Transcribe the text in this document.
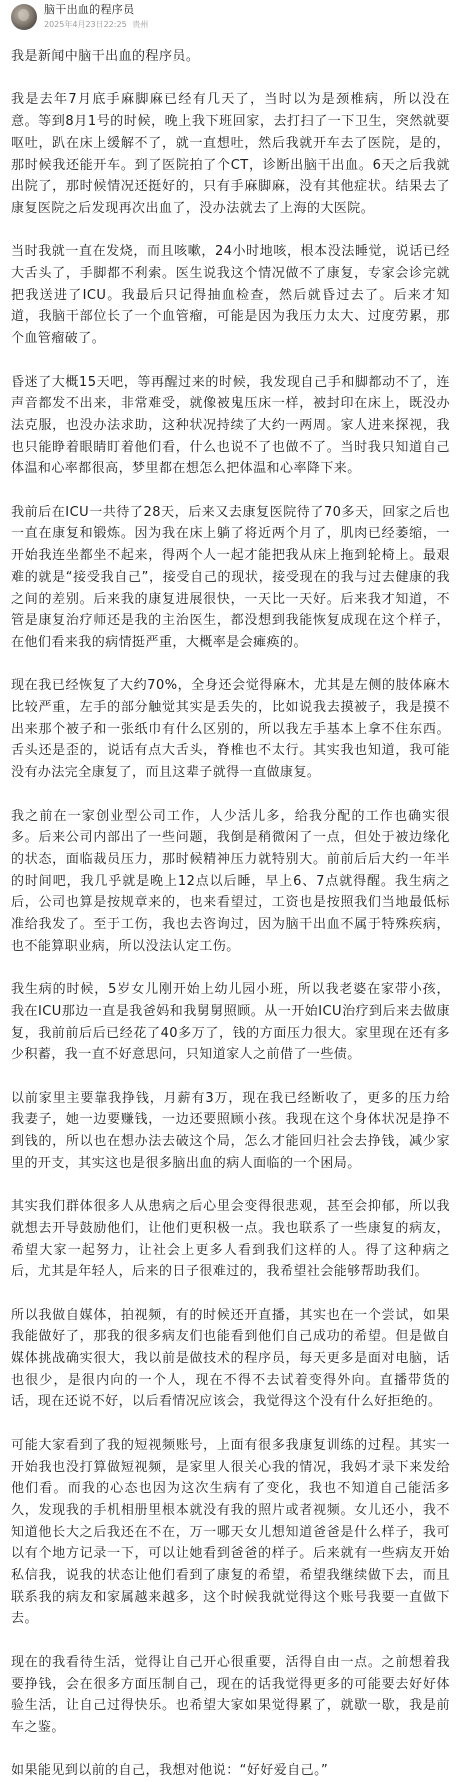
脑干出血的程序员
2025年4月23日22:25 贵州

我是新闻中脑干出血的程序员。

我是去年7月底手麻脚麻已经有几天了，当时以为是颈椎病，所以没在意。等到8月1号的时候，晚上我下班回家，去打扫了一下卫生，突然就要呕吐，趴在床上缓解不了，就一直想吐，然后我就开车去了医院，是的，那时候我还能开车。到了医院拍了个CT，诊断出脑干出血。6天之后我就出院了，那时候情况还挺好的，只有手麻脚麻，没有其他症状。结果去了康复医院之后发现再次出血了，没办法就去了上海的大医院。

当时我就一直在发烧，而且咳嗽，24小时地咳，根本没法睡觉，说话已经大舌头了，手脚都不利索。医生说我这个情况做不了康复，专家会诊完就把我送进了ICU。我最后只记得抽血检查，然后就昏过去了。后来才知道，我脑干部位长了一个血管瘤，可能是因为我压力太大、过度劳累，那个血管瘤破了。

昏迷了大概15天吧，等再醒过来的时候，我发现自己手和脚都动不了，连声音都发不出来，非常难受，就像被鬼压床一样，被封印在床上，既没办法克服，也没办法求助，这种状况持续了大约一两周。家人进来探视，我也只能睁着眼睛盯着他们看，什么也说不了也做不了。当时我只知道自己体温和心率都很高，梦里都在想怎么把体温和心率降下来。

我前后在ICU一共待了28天，后来又去康复医院待了70多天，回家之后也一直在康复和锻炼。因为我在床上躺了将近两个月了，肌肉已经萎缩，一开始我连坐都坐不起来，得两个人一起才能把我从床上拖到轮椅上。最艰难的就是“接受我自己”，接受自己的现状，接受现在的我与过去健康的我之间的差别。后来我的康复进展很快，一天比一天好。后来我才知道，不管是康复治疗师还是我的主治医生，都没想到我能恢复成现在这个样子，在他们看来我的病情挺严重，大概率是会瘫痪的。

现在我已经恢复了大约70%，全身还会觉得麻木，尤其是左侧的肢体麻木比较严重，左手的部分触觉其实是丢失的，比如说我去摸被子，我是摸不出来那个被子和一张纸巾有什么区别的，所以我左手基本上拿不住东西。舌头还是歪的，说话有点大舌头，脊椎也不太行。其实我也知道，我可能没有办法完全康复了，而且这辈子就得一直做康复。

我之前在一家创业型公司工作，人少活儿多，给我分配的工作也确实很多。后来公司内部出了一些问题，我倒是稍微闲了一点，但处于被边缘化的状态，面临裁员压力，那时候精神压力就特别大。前前后后大约一年半的时间吧，我几乎就是晚上12点以后睡，早上6、7点就得醒。我生病之后，公司也算是按规章来的，也来看望过，工资也是按照我们当地最低标准给我发了。至于工伤，我也去咨询过，因为脑干出血不属于特殊疾病，也不能算职业病，所以没法认定工伤。

我生病的时候，5岁女儿刚开始上幼儿园小班，所以我老婆在家带小孩，我在ICU那边一直是我爸妈和我舅舅照顾。从一开始ICU治疗到后来去做康复，我前前后后已经花了40多万了，钱的方面压力很大。家里现在还有多少积蓄，我一直不好意思问，只知道家人之前借了一些债。

以前家里主要靠我挣钱，月薪有3万，现在我已经断收了，更多的压力给我妻子，她一边要赚钱，一边还要照顾小孩。我现在这个身体状况是挣不到钱的，所以也在想办法去破这个局，怎么才能回归社会去挣钱，减少家里的开支，其实这也是很多脑出血的病人面临的一个困局。

其实我们群体很多人从患病之后心里会变得很悲观，甚至会抑郁，所以我就想去开导鼓励他们，让他们更积极一点。我也联系了一些康复的病友，希望大家一起努力，让社会上更多人看到我们这样的人。得了这种病之后，尤其是年轻人，后来的日子很难过的，我希望社会能够帮助我们。

所以我做自媒体，拍视频，有的时候还开直播，其实也在一个尝试，如果我能做好了，那我的很多病友们也能看到他们自己成功的希望。但是做自媒体挑战确实很大，我以前是做技术的程序员，每天更多是面对电脑，话也很少，是很内向的一个人，现在不得不去试着变得外向。直播带货的话，现在还说不好，以后看情况应该会，我觉得这个没有什么好拒绝的。

可能大家看到了我的短视频账号，上面有很多我康复训练的过程。其实一开始我也没打算做短视频，是家里人很关心我的情况，我妈才录下来发给他们看。而我的心态也因为这次生病有了变化，我也不知道自己能活多久，发现我的手机相册里根本就没有我的照片或者视频。女儿还小，我不知道他长大之后我还在不在，万一哪天女儿想知道爸爸是什么样子，我可以有个地方记录一下，可以让她看到爸爸的样子。后来就有一些病友开始私信我，说我的状态让他们看到了康复的希望，希望我继续做下去，而且联系我的病友和家属越来越多，这个时候我就觉得这个账号我要一直做下去。

现在的我看待生活，觉得让自己开心很重要，活得自由一点。之前想着我要挣钱，会在很多方面压制自己，现在的话我觉得更多的可能要去好好体验生活，让自己过得快乐。也希望大家如果觉得累了，就歇一歇，我是前车之鉴。

如果能见到以前的自己，我想对他说：“好好爱自己。”
